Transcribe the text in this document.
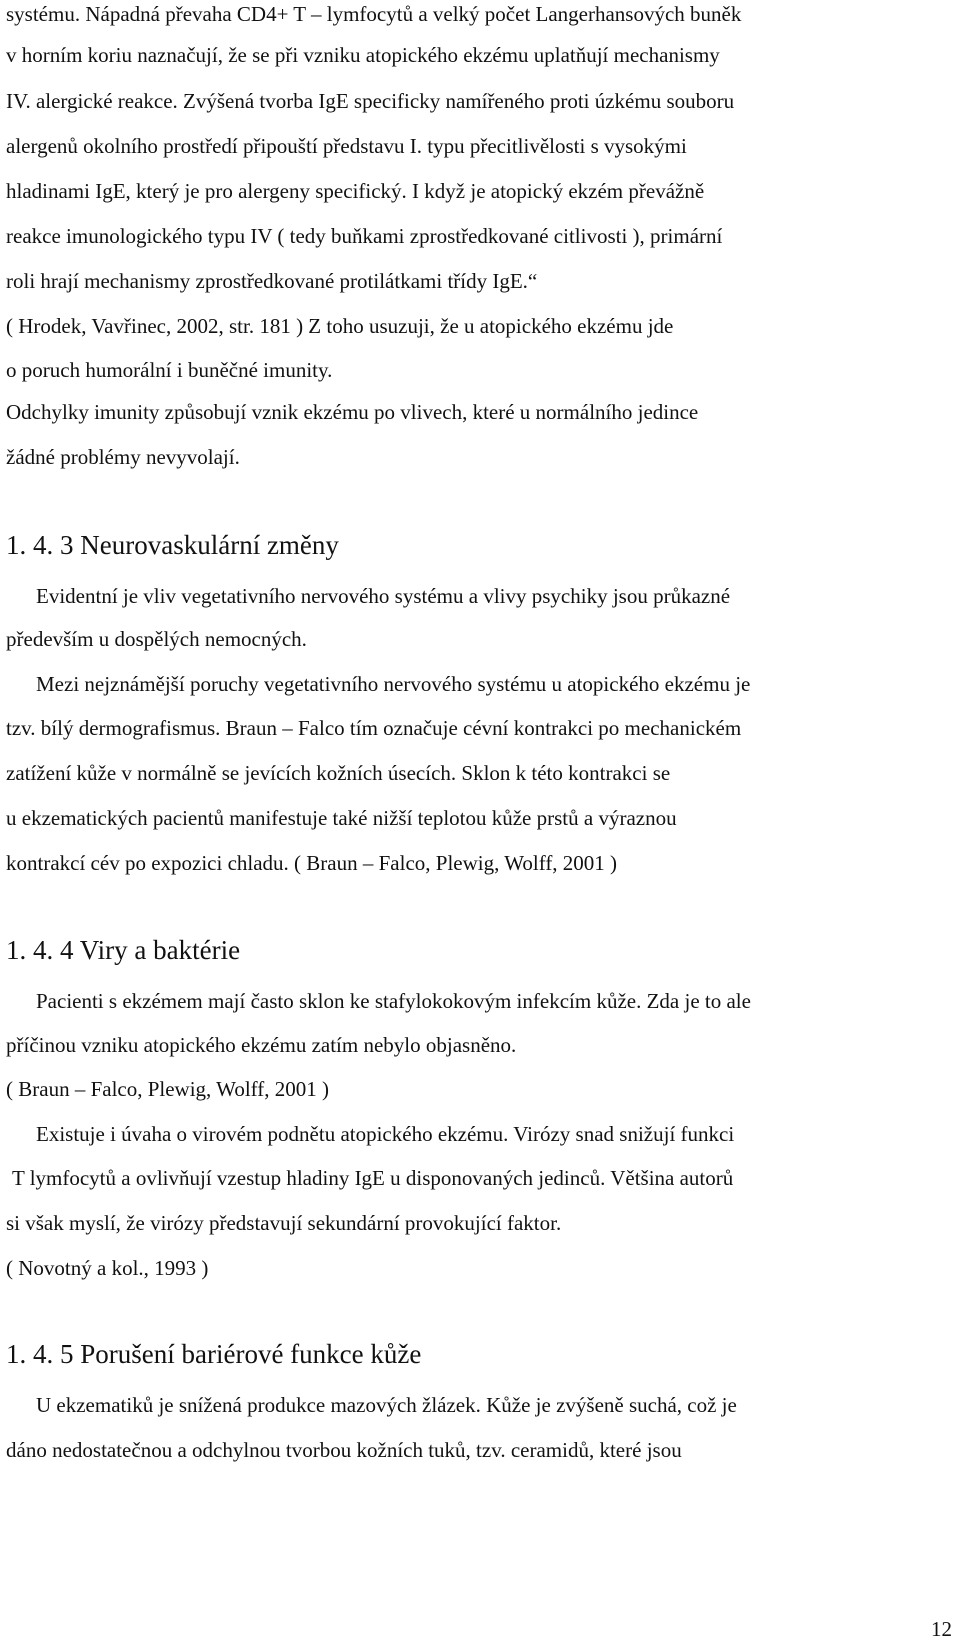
systému. Nápadná převaha CD4+ T – lymfocytů a velký počet Langerhansových buněk
v horním koriu naznačují, že se při vzniku atopického ekzému uplatňují mechanismy
IV. alergické reakce. Zvýšená tvorba IgE specificky namířeného proti úzkému souboru
alergenů okolního prostředí připouští představu I. typu přecitlivělosti s vysokými
hladinami IgE, který je pro alergeny specifický. I když je atopický ekzém převážně
reakce imunologického typu IV ( tedy buňkami zprostředkované citlivosti ), primární
roli hrají mechanismy zprostředkované protilátkami třídy IgE.“
( Hrodek, Vavřinec, 2002, str. 181 ) Z toho usuzuji, že u atopického ekzému jde
o poruch humorální i buněčné imunity.
Odchylky imunity způsobují vznik ekzému po vlivech, které u normálního jedince
žádné problémy nevyvolají.
1. 4. 3 Neurovaskulární změny
Evidentní je vliv vegetativního nervového systému a vlivy psychiky jsou průkazné
především u dospělých nemocných.
Mezi nejznámější poruchy vegetativního nervového systému u atopického ekzému je
tzv. bílý dermografismus. Braun – Falco tím označuje cévní kontrakci po mechanickém
zatížení kůže v normálně se jevících kožních úsecích. Sklon k této kontrakci se
u ekzematických pacientů manifestuje také nižší teplotou kůže prstů a výraznou
kontrakcí cév po expozici chladu. ( Braun – Falco, Plewig, Wolff, 2001 )
1. 4. 4 Viry a baktérie
Pacienti s ekzémem mají často sklon ke stafylokokovým infekcím kůže. Zda je to ale
příčinou vzniku atopického ekzému zatím nebylo objasněno.
( Braun – Falco, Plewig, Wolff, 2001 )
Existuje i úvaha o virovém podnětu atopického ekzému. Virózy snad snižují funkci
T lymfocytů a ovlivňují vzestup hladiny IgE u disponovaných jedinců. Většina autorů
si však myslí, že virózy představují sekundární provokující faktor.
( Novotný a kol., 1993 )
1. 4. 5 Porušení bariérové funkce kůže
U ekzematiků je snížená produkce mazových žlázek. Kůže je zvýšeně suchá, což je
dáno nedostatečnou a odchylnou tvorbou kožních tuků, tzv. ceramidů, které jsou
12
